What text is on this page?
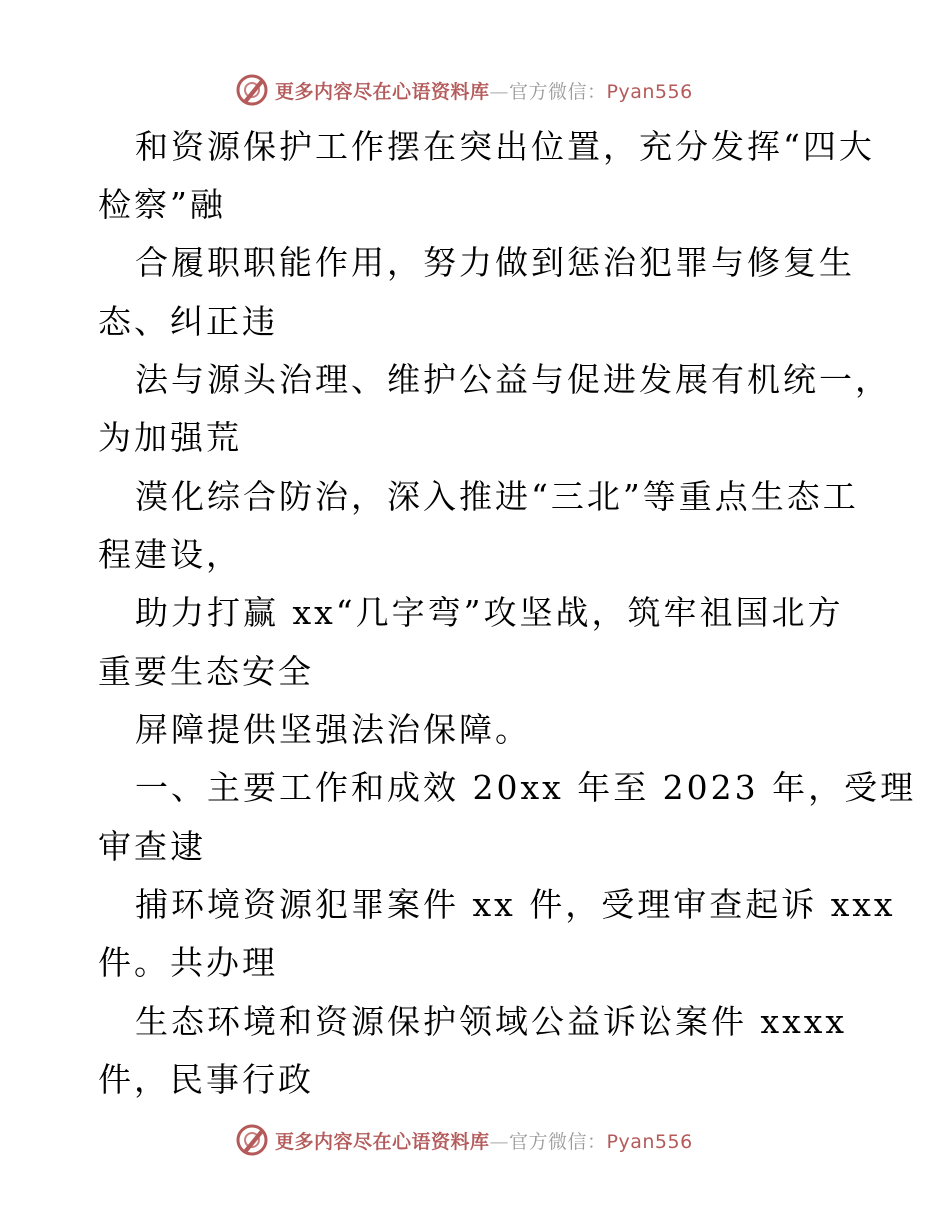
更多内容尽在心语资料库—官方微信：Pyan556
和资源保护工作摆在突出位置，充分发挥“四大
检察”融
合履职职能作用，努力做到惩治犯罪与修复生
态、纠正违
法与源头治理、维护公益与促进发展有机统一，
为加强荒
漠化综合防治，深入推进“三北”等重点生态工
程建设，
助力打赢 xx“几字弯”攻坚战，筑牢祖国北方
重要生态安全
屏障提供坚强法治保障。
一、主要工作和成效 20xx 年至 2023 年，受理
审查逮
捕环境资源犯罪案件 xx 件，受理审查起诉 xxx
件。共办理
生态环境和资源保护领域公益诉讼案件 xxxx
件，民事行政
更多内容尽在心语资料库—官方微信：Pyan556
